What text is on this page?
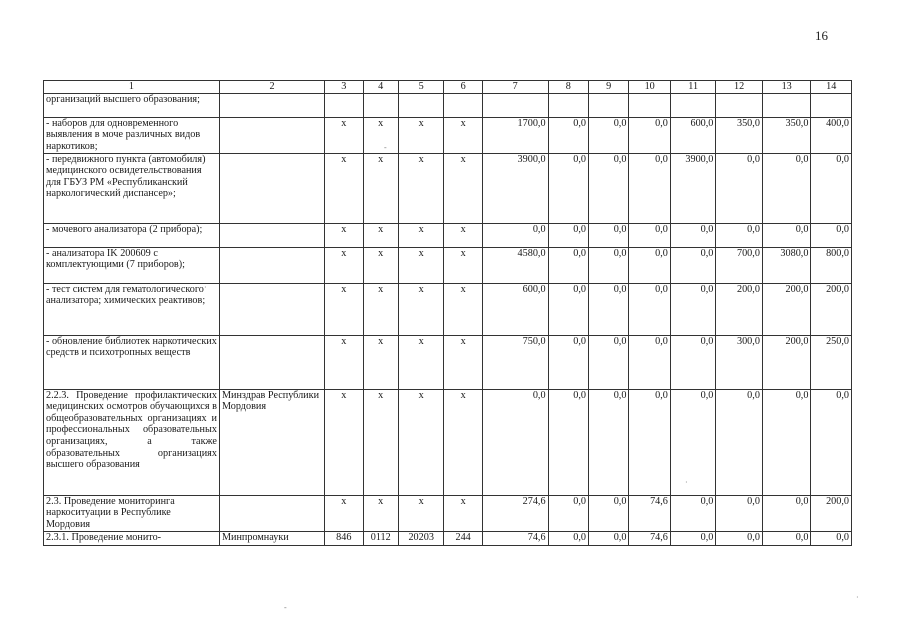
16
1	2	3	4	5	6	7	8	9	10	11	12	13	14
организаций высшего образования;													
- наборов для одновременного выявления в моче различных видов наркотиков;		х	х	х	х	1700,0	0,0	0,0	0,0	600,0	350,0	350,0	400,0
- передвижного пункта (автомобиля) медицинского освидетельствования для ГБУЗ РМ «Республиканский наркологический диспансер»;		х	х	х	х	3900,0	0,0	0,0	0,0	3900,0	0,0	0,0	0,0
- мочевого анализатора (2 прибора);		х	х	х	х	0,0	0,0	0,0	0,0	0,0	0,0	0,0	0,0
- анализатора IK 200609 с комплектующими (7 приборов);		х	х	х	х	4580,0	0,0	0,0	0,0	0,0	700,0	3080,0	800,0
- тест систем для гематологического анализатора; химических реактивов;		х	х	х	х	600,0	0,0	0,0	0,0	0,0	200,0	200,0	200,0
- обновление библиотек наркотических средств и психотропных веществ		х	х	х	х	750,0	0,0	0,0	0,0	0,0	300,0	200,0	250,0
2.2.3. Проведение профилактических медицинских осмотров обучающихся в общеобразовательных организациях и профессиональных образовательных организациях, а также образовательных организациях высшего образования	Минздрав Республики Мордовия	х	х	х	х	0,0	0,0	0,0	0,0	0,0	0,0	0,0	0,0
2.3. Проведение мониторинга наркоситуации в Республике Мордовия		х	х	х	х	274,6	0,0	0,0	74,6	0,0	0,0	0,0	200,0
2.3.1. Проведение монито-	Минпромнауки	846	0112	20203	244	74,6	0,0	0,0	74,6	0,0	0,0	0,0	0,0
-
·
·
-
·
